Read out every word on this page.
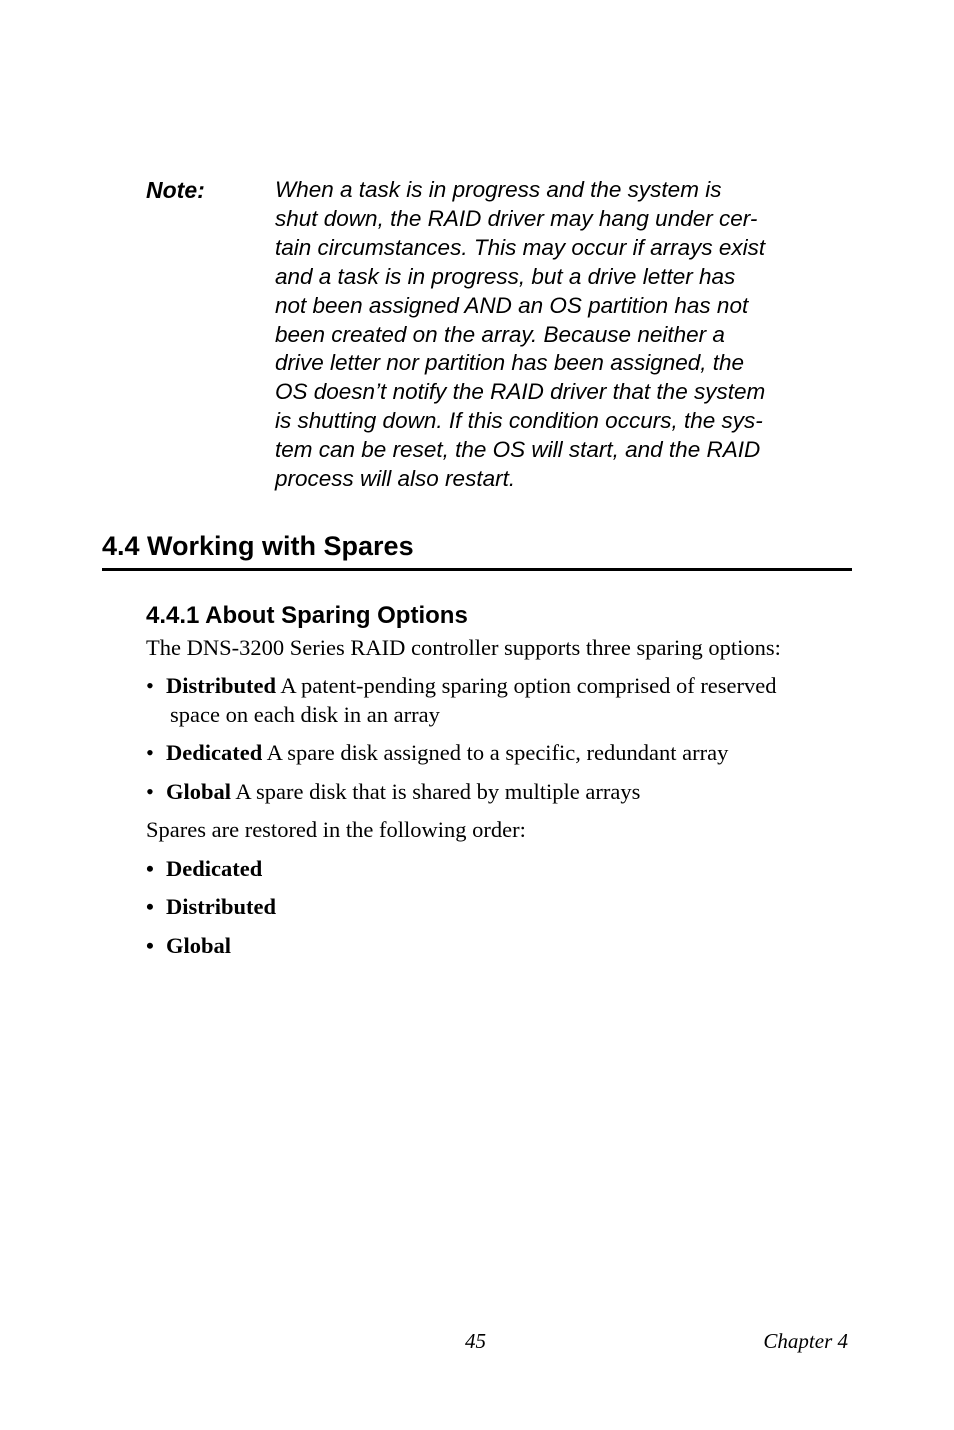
Note:	When a task is in progress and the system is
shut down, the RAID driver may hang under cer-
tain circumstances. This may occur if arrays exist
and a task is in progress, but a drive letter has
not been assigned AND an OS partition has not
been created on the array. Because neither a
drive letter nor partition has been assigned, the
OS doesn’t notify the RAID driver that the system
is shutting down. If this condition occurs, the sys-
tem can be reset, the OS will start, and the RAID
process will also restart.
4.4 Working with Spares
4.4.1 About Sparing Options

The DNS-3200 Series RAID controller supports three sparing options:

• Distributed A patent-pending sparing option comprised of reserved
space on each disk in an array
• Dedicated A spare disk assigned to a specific, redundant array
• Global A spare disk that is shared by multiple arrays

Spares are restored in the following order:

• Dedicated
• Distributed
• Global
45	Chapter 4
